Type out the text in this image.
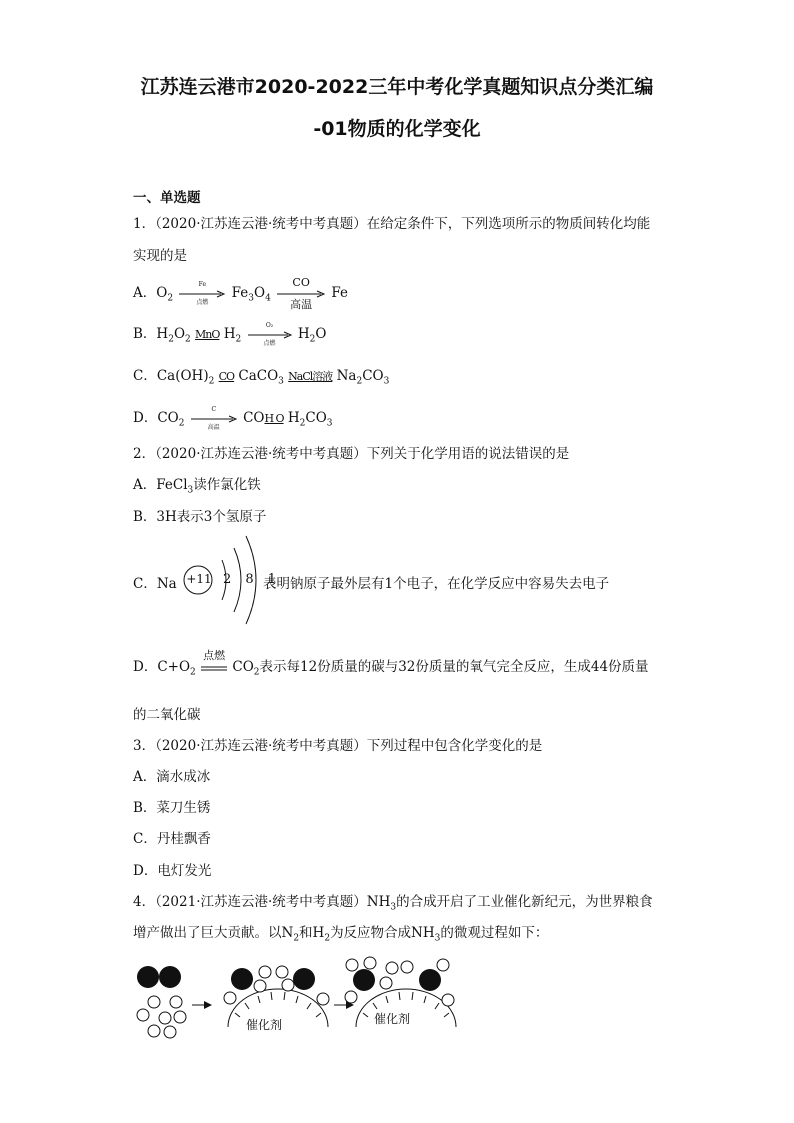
江苏连云港市2020-2022三年中考化学真题知识点分类汇编
-01物质的化学变化
一、单选题
1．（2020·江苏连云港·统考中考真题）在给定条件下，下列选项所示的物质间转化均能
实现的是
A．$O_2$
Fe
点燃
$Fe_3O_4$
CO
高温
Fe
B．$H_2O_2$ MnO $H_2$
O₂
点燃
$H_2O$
C．$Ca(OH)_2$ CO CaCO$_3$ NaCl溶液 $Na_2CO_3$
D．$CO_2$
C
高温
COH O $H_2CO_3$
2．（2020·江苏连云港·统考中考真题）下列关于化学用语的说法错误的是
A．FeCl$_3$读作氯化铁
B．3H表示3个氢原子
C．Na +11 2 8 1
表明钠原子最外层有1个电子，在化学反应中容易失去电子
D．$C+O_2$
点燃
$CO_2$表示每12份质量的碳与32份质量的氧气完全反应，生成44份质量
的二氧化碳
3．（2020·江苏连云港·统考中考真题）下列过程中包含化学变化的是
A．滴水成冰
B．菜刀生锈
C．丹桂飘香
D．电灯发光
4．（2021·江苏连云港·统考中考真题）$NH_3$的合成开启了工业催化新纪元，为世界粮食
增产做出了巨大贡献。以$N_2$和$H_2$为反应物合成$NH_3$的微观过程如下：
催化剂	催化剂
